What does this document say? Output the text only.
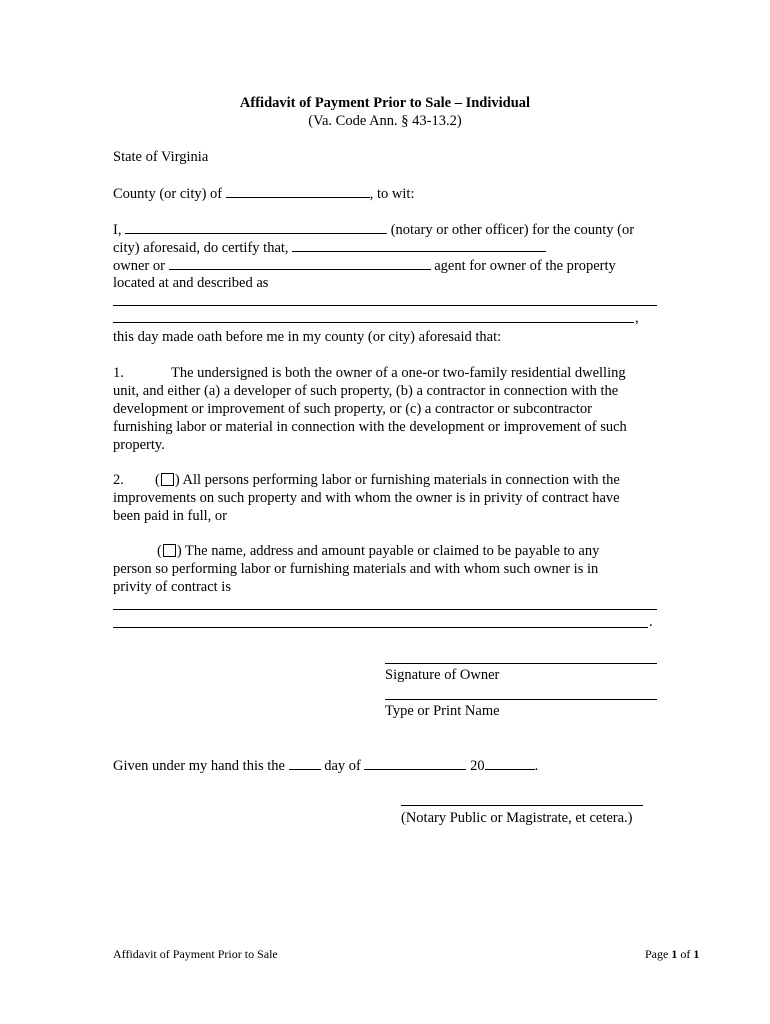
Affidavit of Payment Prior to Sale – Individual
(Va. Code Ann. § 43-13.2)
State of Virginia
County (or city) of	, to wit:
I,	(notary or other officer) for the county (or
city) aforesaid, do certify that,
owner or	agent for owner of the property
located at and described as
,
this day made oath before me in my county (or city) aforesaid that:
1.	The undersigned is both the owner of a one-or two-family residential dwelling
unit, and either (a) a developer of such property, (b) a contractor in connection with the
development or improvement of such property, or (c) a contractor or subcontractor
furnishing labor or material in connection with the development or improvement of such
property.
2. ( ) All persons performing labor or furnishing materials in connection with the
improvements on such property and with whom the owner is in privity of contract have
been paid in full, or
( ) The name, address and amount payable or claimed to be payable to any
person so performing labor or furnishing materials and with whom such owner is in
privity of contract is
.
Signature of Owner
Type or Print Name
Given under my hand this the	day of	20	.
(Notary Public or Magistrate, et cetera.)
Affidavit of Payment Prior to Sale	Page 1 of 1
